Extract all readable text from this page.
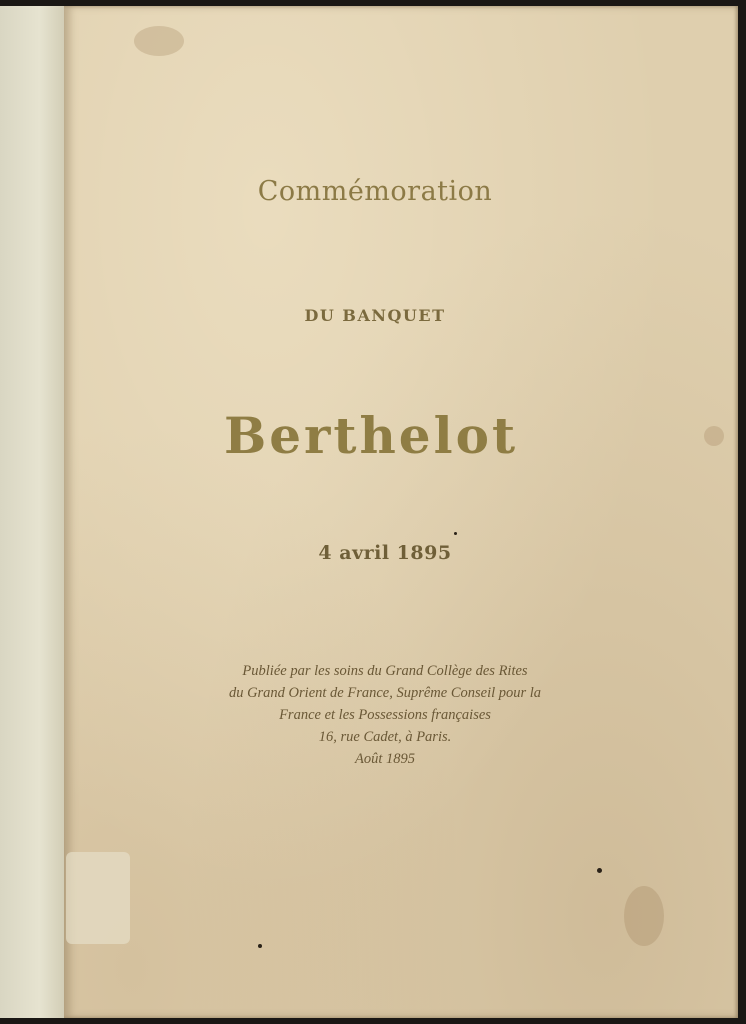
Commémoration

DU BANQUET

Berthelot

4 avril 1895

Publiée par les soins du Grand Collège des Rites
du Grand Orient de France, Suprême Conseil pour la
France et les Possessions françaises
16, rue Cadet, à Paris.
Août 1895
